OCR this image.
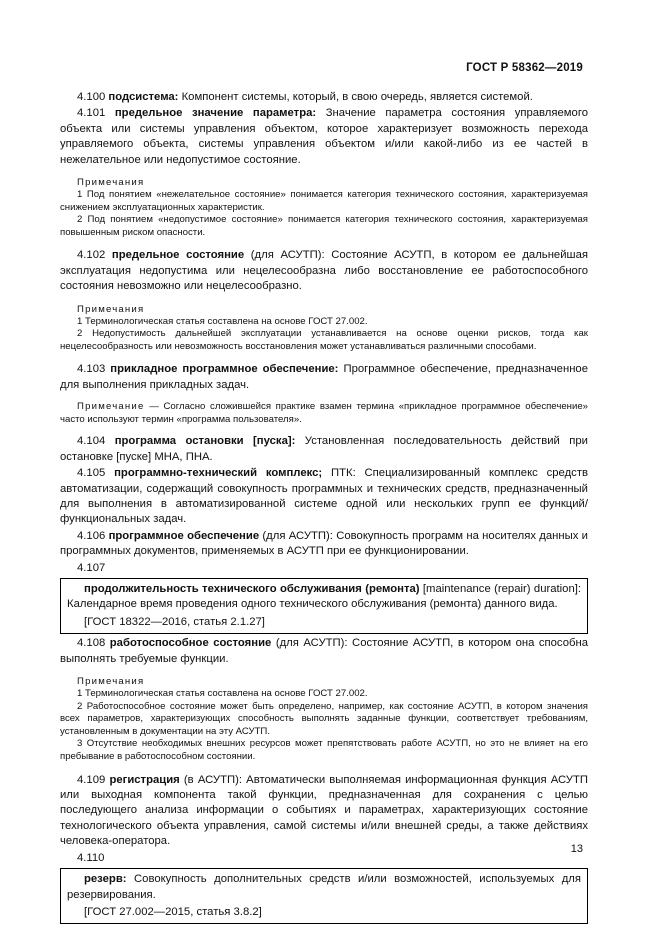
ГОСТ Р 58362—2019

4.100 подсистема: Компонент системы, который, в свою очередь, является системой.

4.101 предельное значение параметра: Значение параметра состояния управляемого объекта или системы управления объектом, которое характеризует возможность перехода управляемого объекта, системы управления объектом и/или какой-либо из ее частей в нежелательное или недопустимое состояние.

Примечания

1 Под понятием «нежелательное состояние» понимается категория технического состояния, характеризуемая снижением эксплуатационных характеристик.

2 Под понятием «недопустимое состояние» понимается категория технического состояния, характеризуемая повышенным риском опасности.

4.102 предельное состояние (для АСУТП): Состояние АСУТП, в котором ее дальнейшая эксплуатация недопустима или нецелесообразна либо восстановление ее работоспособного состояния невозможно или нецелесообразно.

Примечания

1 Терминологическая статья составлена на основе ГОСТ 27.002.

2 Недопустимость дальнейшей эксплуатации устанавливается на основе оценки рисков, тогда как нецелесообразность или невозможность восстановления может устанавливаться различными способами.

4.103 прикладное программное обеспечение: Программное обеспечение, предназначенное для выполнения прикладных задач.

Примечание — Согласно сложившейся практике взамен термина «прикладное программное обеспечение» часто используют термин «программа пользователя».

4.104 программа остановки [пуска]: Установленная последовательность действий при остановке [пуске] МНА, ПНА.

4.105 программно-технический комплекс; ПТК: Специализированный комплекс средств автоматизации, содержащий совокупность программных и технических средств, предназначенный для выполнения в автоматизированной системе одной или нескольких групп ее функций/функциональных задач.

4.106 программное обеспечение (для АСУТП): Совокупность программ на носителях данных и программных документов, применяемых в АСУТП при ее функционировании.

4.107

продолжительность технического обслуживания (ремонта) [maintenance (repair) duration]: Календарное время проведения одного технического обслуживания (ремонта) данного вида.

[ГОСТ 18322—2016, статья 2.1.27]

4.108 работоспособное состояние (для АСУТП): Состояние АСУТП, в котором она способна выполнять требуемые функции.

Примечания

1 Терминологическая статья составлена на основе ГОСТ 27.002.

2 Работоспособное состояние может быть определено, например, как состояние АСУТП, в котором значения всех параметров, характеризующих способность выполнять заданные функции, соответствует требованиям, установленным в документации на эту АСУТП.

3 Отсутствие необходимых внешних ресурсов может препятствовать работе АСУТП, но это не влияет на его пребывание в работоспособном состоянии.

4.109 регистрация (в АСУТП): Автоматически выполняемая информационная функция АСУТП или выходная компонента такой функции, предназначенная для сохранения с целью последующего анализа информации о событиях и параметрах, характеризующих состояние технологического объекта управления, самой системы и/или внешней среды, а также действиях человека-оператора.

4.110

резерв: Совокупность дополнительных средств и/или возможностей, используемых для резервирования.

[ГОСТ 27.002—2015, статья 3.8.2]

13
